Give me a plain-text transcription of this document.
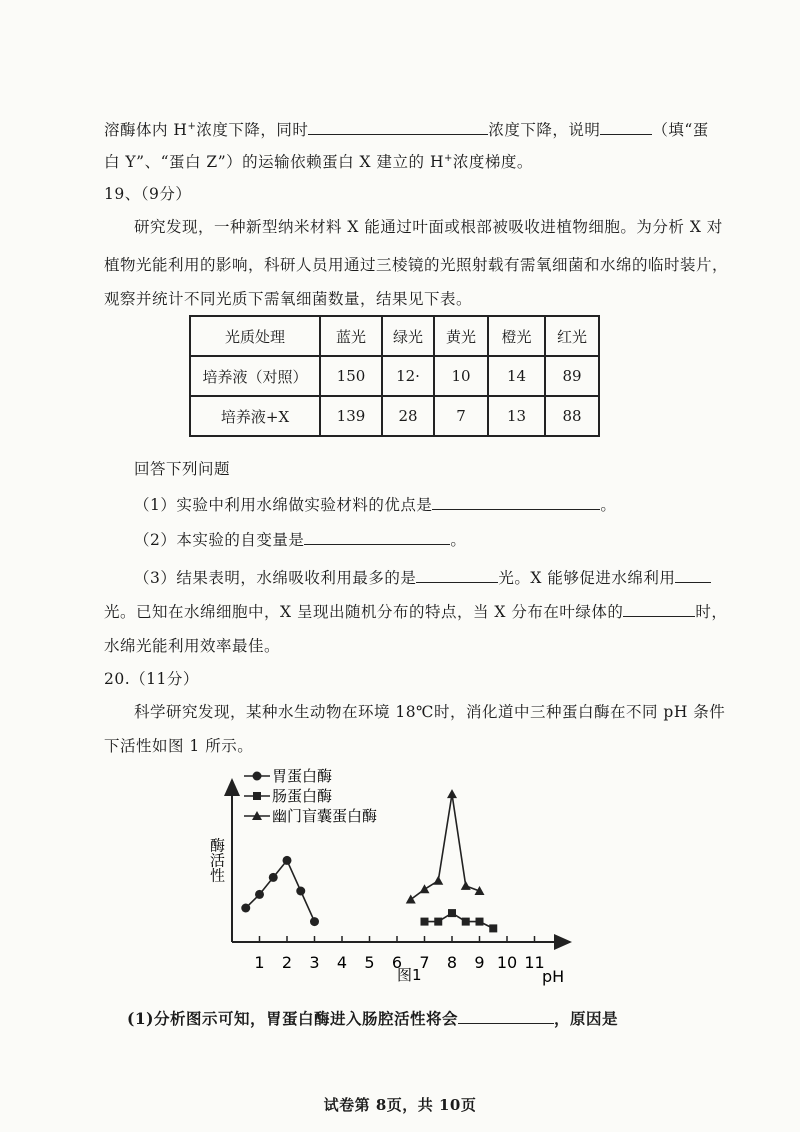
溶酶体内 H+浓度下降，同时	浓度下降，说明	（填“蛋
白 Y”、“蛋白 Z”）的运输依赖蛋白 X 建立的 H+浓度梯度。
19、（9分）
研究发现，一种新型纳米材料 X 能通过叶面或根部被吸收进植物细胞。为分析 X 对
植物光能利用的影响，科研人员用通过三棱镜的光照射载有需氧细菌和水绵的临时装片，
观察并统计不同光质下需氧细菌数量，结果见下表。
光质处理	蓝光	绿光	黄光	橙光	红光
培养液（对照）	150	12·	10	14	89
培养液+X	139	28	7	13	88
回答下列问题
（1）实验中利用水绵做实验材料的优点是	。
（2）本实验的自变量是	。
（3）结果表明，水绵吸收利用最多的是	光。X 能够促进水绵利用
光。已知在水绵细胞中，X 呈现出随机分布的特点，当 X 分布在叶绿体的	时，
水绵光能利用效率最佳。
20.（11分）
科学研究发现，某种水生动物在环境 18℃时，消化道中三种蛋白酶在不同 pH 条件
下活性如图 1 所示。
1 2 3 4 5 6 7 8 9 10 11
胃蛋白酶
肠蛋白酶
幽门盲囊蛋白酶
酶活性
图1	pH
(1)分析图示可知，胃蛋白酶进入肠腔活性将会	，原因是
试卷第 8页，共 10页
